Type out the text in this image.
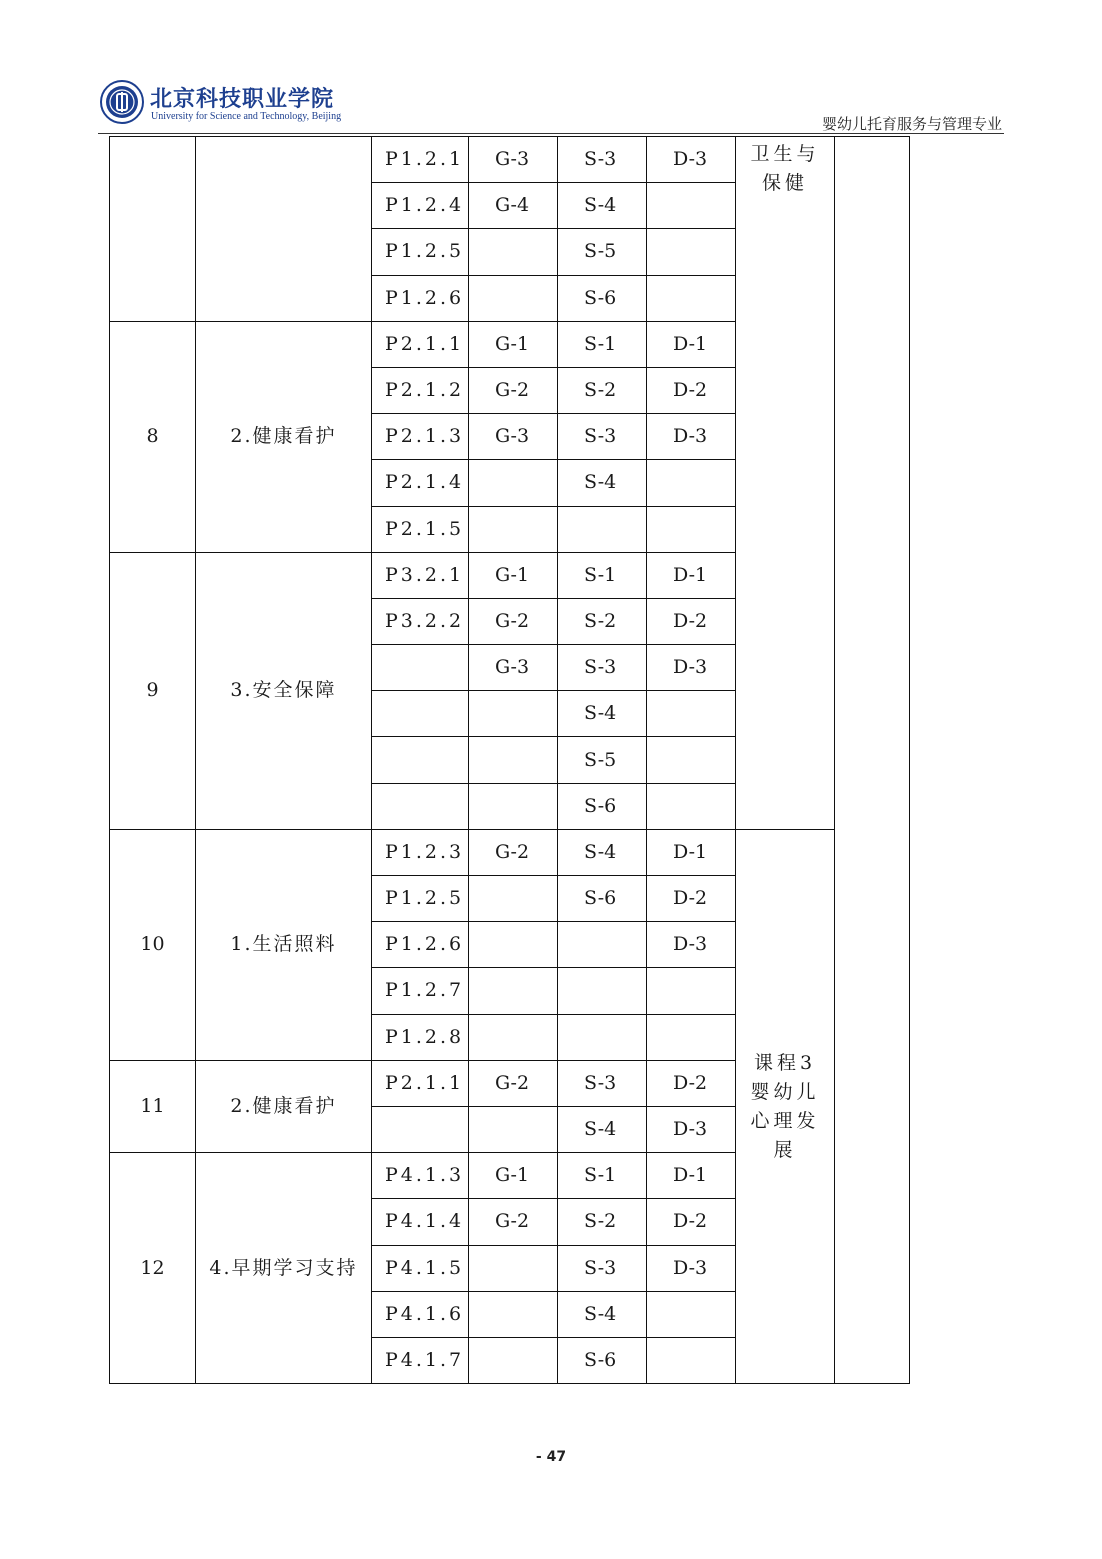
北京科技职业学院
University for Science and Technology, Beijing	婴幼儿托育服务与管理专业
		P1.2.1	G-3	S-3	D-3	卫生与
保健	

		P1.2.4	G-4	S-4			
		P1.2.5		S-5			
		P1.2.6		S-6			
8	2.健康看护	P2.1.1	G-1	S-1	D-1		
		P2.1.2	G-2	S-2	D-2		
		P2.1.3	G-3	S-3	D-3		
		P2.1.4		S-4			
		P2.1.5					
9	3.安全保障	P3.2.1	G-1	S-1	D-1		
		P3.2.2	G-2	S-2	D-2		
			G-3	S-3	D-3		
				S-4			
				S-5			
				S-6			
10	1.生活照料	P1.2.3	G-2	S-4	D-1	课程3
婴幼儿
心理发
展	

		P1.2.5		S-6	D-2		
		P1.2.6			D-3		
		P1.2.7					
		P1.2.8					
11	2.健康看护	P2.1.1	G-2	S-3	D-2		
				S-4	D-3		
12	4.早期学习支持	P4.1.3	G-1	S-1	D-1		
		P4.1.4	G-2	S-2	D-2		
		P4.1.5		S-3	D-3		
		P4.1.6		S-4			
		P4.1.7		S-6			
- 47
